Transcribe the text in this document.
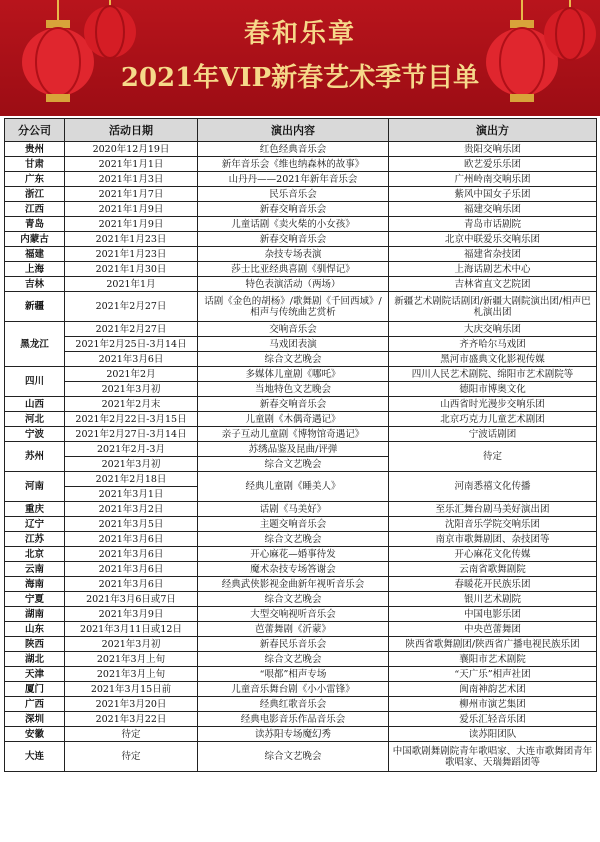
春和乐章
2021年VIP新春艺术季节目单
分公司	活动日期	演出内容	演出方
贵州	2020年12月19日	红色经典音乐会	贵阳交响乐团
甘肃	2021年1月1日	新年音乐会《维也纳森林的故事》	欧艺爱乐乐团
广东	2021年1月3日	山丹丹——2021年新年音乐会	广州岭南交响乐团
浙江	2021年1月7日	民乐音乐会	紫风中国女子乐团
江西	2021年1月9日	新春交响音乐会	福建交响乐团
青岛	2021年1月9日	儿童话剧《卖火柴的小女孩》	青岛市话剧院
内蒙古	2021年1月23日	新春交响音乐会	北京中联爱乐交响乐团
福建	2021年1月23日	杂技专场表演	福建省杂技团
上海	2021年1月30日	莎士比亚经典喜剧《驯悍记》	上海话剧艺术中心
吉林	2021年1月	特色表演活动（两场）	吉林省直文艺院团
新疆	2021年2月27日	话剧《金色的胡杨》/歌舞剧《千回西域》/相声与传统曲艺赏析	新疆艺术剧院话剧团/新疆大剧院演出团/相声巴札演出团
黑龙江	2021年2月27日	交响音乐会	大庆交响乐团
	2021年2月25日-3月14日	马戏团表演	齐齐哈尔马戏团
	2021年3月6日	综合文艺晚会	黑河市盛典文化影视传媒
四川	2021年2月	多媒体儿童剧《哪吒》	四川人民艺术剧院、绵阳市艺术剧院等
	2021年3月初	当地特色文艺晚会	德阳市博奥文化
山西	2021年2月末	新春交响音乐会	山西省时光漫步交响乐团
河北	2021年2月22日-3月15日	儿童剧《木偶奇遇记》	北京巧克力儿童艺术剧团
宁波	2021年2月27日-3月14日	亲子互动儿童剧《博物馆奇遇记》	宁波话剧团
苏州	2021年2月-3月	苏绣品鉴及昆曲/评弹	待定
	2021年3月初	综合文艺晚会	
河南	2021年2月18日	经典儿童剧《睡美人》	河南悉禧文化传播
	2021年3月1日		
重庆	2021年3月2日	话剧《马美好》	至乐汇舞台剧马美好演出团
辽宁	2021年3月5日	主题交响音乐会	沈阳音乐学院交响乐团
江苏	2021年3月6日	综合文艺晚会	南京市歌舞剧团、杂技团等
北京	2021年3月6日	开心麻花—婚事待发	开心麻花文化传媒
云南	2021年3月6日	魔术杂技专场答谢会	云南省歌舞剧院
海南	2021年3月6日	经典武侠影视金曲新年视听音乐会	春暖花开民族乐团
宁夏	2021年3月6日或7日	综合文艺晚会	银川艺术剧院
湖南	2021年3月9日	大型交响视听音乐会	中国电影乐团
山东	2021年3月11日或12日	芭蕾舞剧《沂蒙》	中央芭蕾舞团
陕西	2021年3月初	新春民乐音乐会	陕西省歌舞剧团/陕西省广播电视民族乐团
湖北	2021年3月上旬	综合文艺晚会	襄阳市艺术剧院
天津	2021年3月上旬	“哏都”相声专场	“天广乐”相声社团
厦门	2021年3月15日前	儿童音乐舞台剧《小小雷锋》	闽南神韵艺术团
广西	2021年3月20日	经典红歌音乐会	柳州市演艺集团
深圳	2021年3月22日	经典电影音乐作品音乐会	爱乐汇轻音乐团
安徽	待定	读苏阳专场魔幻秀	读苏阳团队
大连	待定	综合文艺晚会	中国歌剧舞剧院青年歌唱家、大连市歌舞团青年歌唱家、天瑞舞蹈团等
